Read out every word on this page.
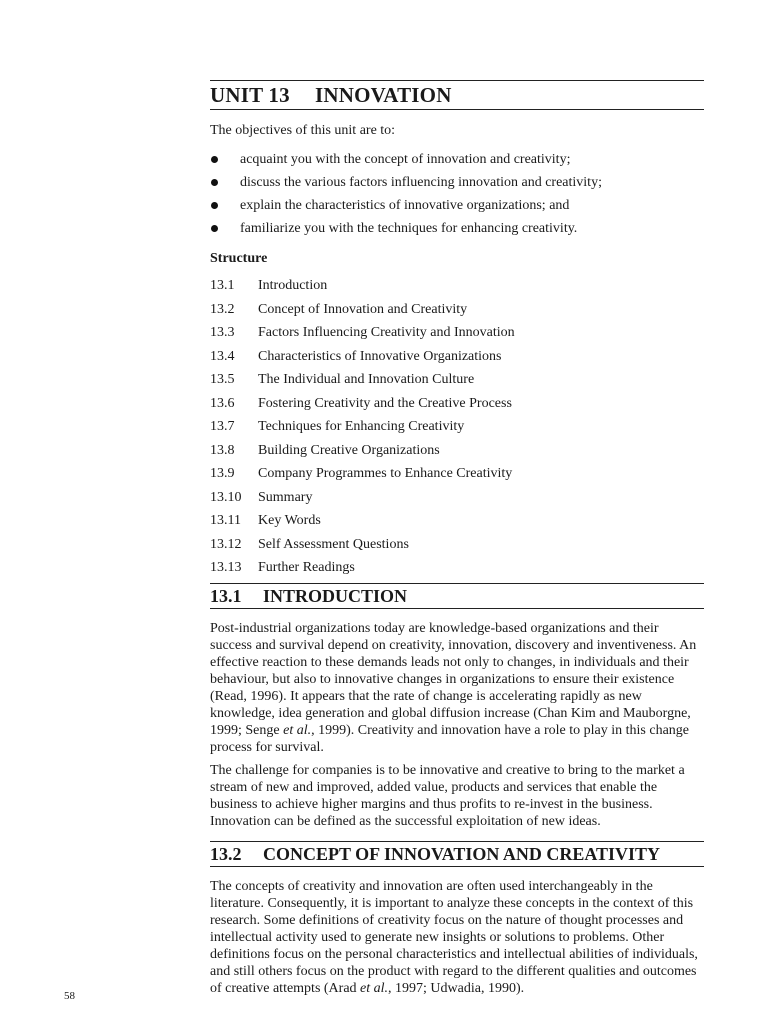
UNIT 13 INNOVATION

The objectives of this unit are to:

acquaint you with the concept of innovation and creativity;
discuss the various factors influencing innovation and creativity;
explain the characteristics of innovative organizations; and
familiarize you with the techniques for enhancing creativity.
Structure
13.1 Introduction
13.2 Concept of Innovation and Creativity
13.3 Factors Influencing Creativity and Innovation
13.4 Characteristics of Innovative Organizations
13.5 The Individual and Innovation Culture
13.6 Fostering Creativity and the Creative Process
13.7 Techniques for Enhancing Creativity
13.8 Building Creative Organizations
13.9 Company Programmes to Enhance Creativity
13.10 Summary
13.11 Key Words
13.12 Self Assessment Questions
13.13 Further Readings
13.1 INTRODUCTION

Post-industrial organizations today are knowledge-based organizations and their success and survival depend on creativity, innovation, discovery and inventiveness. An effective reaction to these demands leads not only to changes, in individuals and their behaviour, but also to innovative changes in organizations to ensure their existence (Read, 1996). It appears that the rate of change is accelerating rapidly as new knowledge, idea generation and global diffusion increase (Chan Kim and Mauborgne, 1999; Senge et al., 1999). Creativity and innovation have a role to play in this change process for survival.

The challenge for companies is to be innovative and creative to bring to the market a stream of new and improved, added value, products and services that enable the business to achieve higher margins and thus profits to re-invest in the business. Innovation can be defined as the successful exploitation of new ideas.

13.2 CONCEPT OF INNOVATION AND CREATIVITY

The concepts of creativity and innovation are often used interchangeably in the literature. Consequently, it is important to analyze these concepts in the context of this research. Some definitions of creativity focus on the nature of thought processes and intellectual activity used to generate new insights or solutions to problems. Other definitions focus on the personal characteristics and intellectual abilities of individuals, and still others focus on the product with regard to the different qualities and outcomes of creative attempts (Arad et al., 1997; Udwadia, 1990).

58
